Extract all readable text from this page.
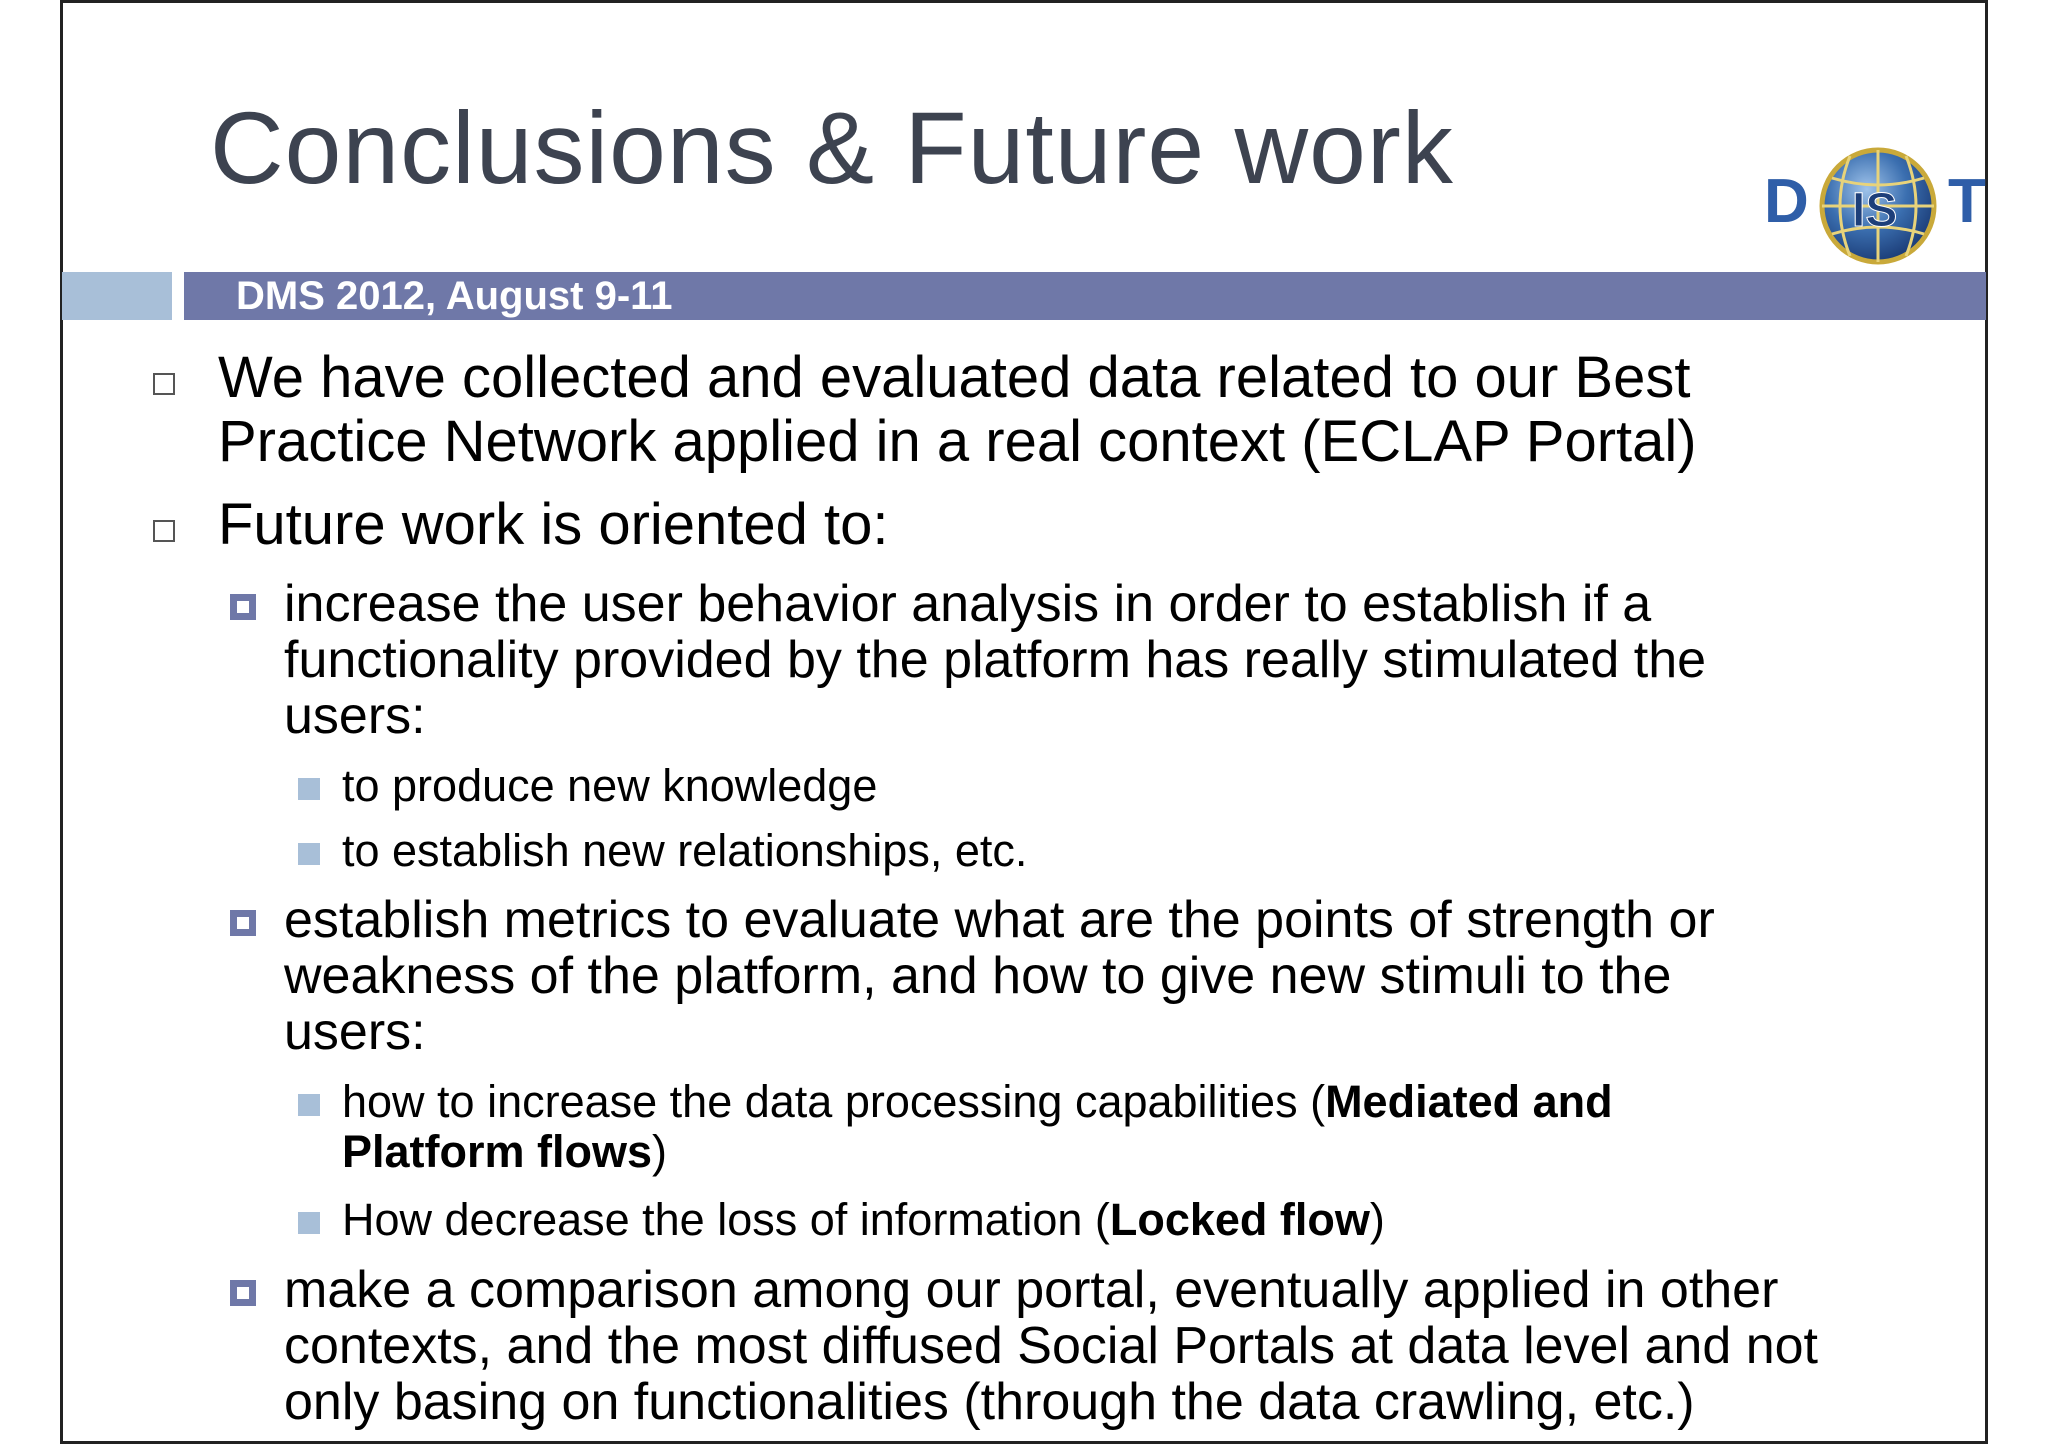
Conclusions & Future work
DMS 2012, August 9-11
D IS T
We have collected and evaluated data related to our Best
Practice Network applied in a real context (ECLAP Portal)
Future work is oriented to:
increase the user behavior analysis in order to establish if a
functionality provided by the platform has really stimulated the
users:
to produce new knowledge
to establish new relationships, etc.
establish metrics to evaluate what are the points of strength or
weakness of the platform, and how to give new stimuli to the
users:
how to increase the data processing capabilities (Mediated and
Platform flows)
How decrease the loss of information (Locked flow)
make a comparison among our portal, eventually applied in other
contexts, and the most diffused Social Portals at data level and not
only basing on functionalities (through the data crawling, etc.)
